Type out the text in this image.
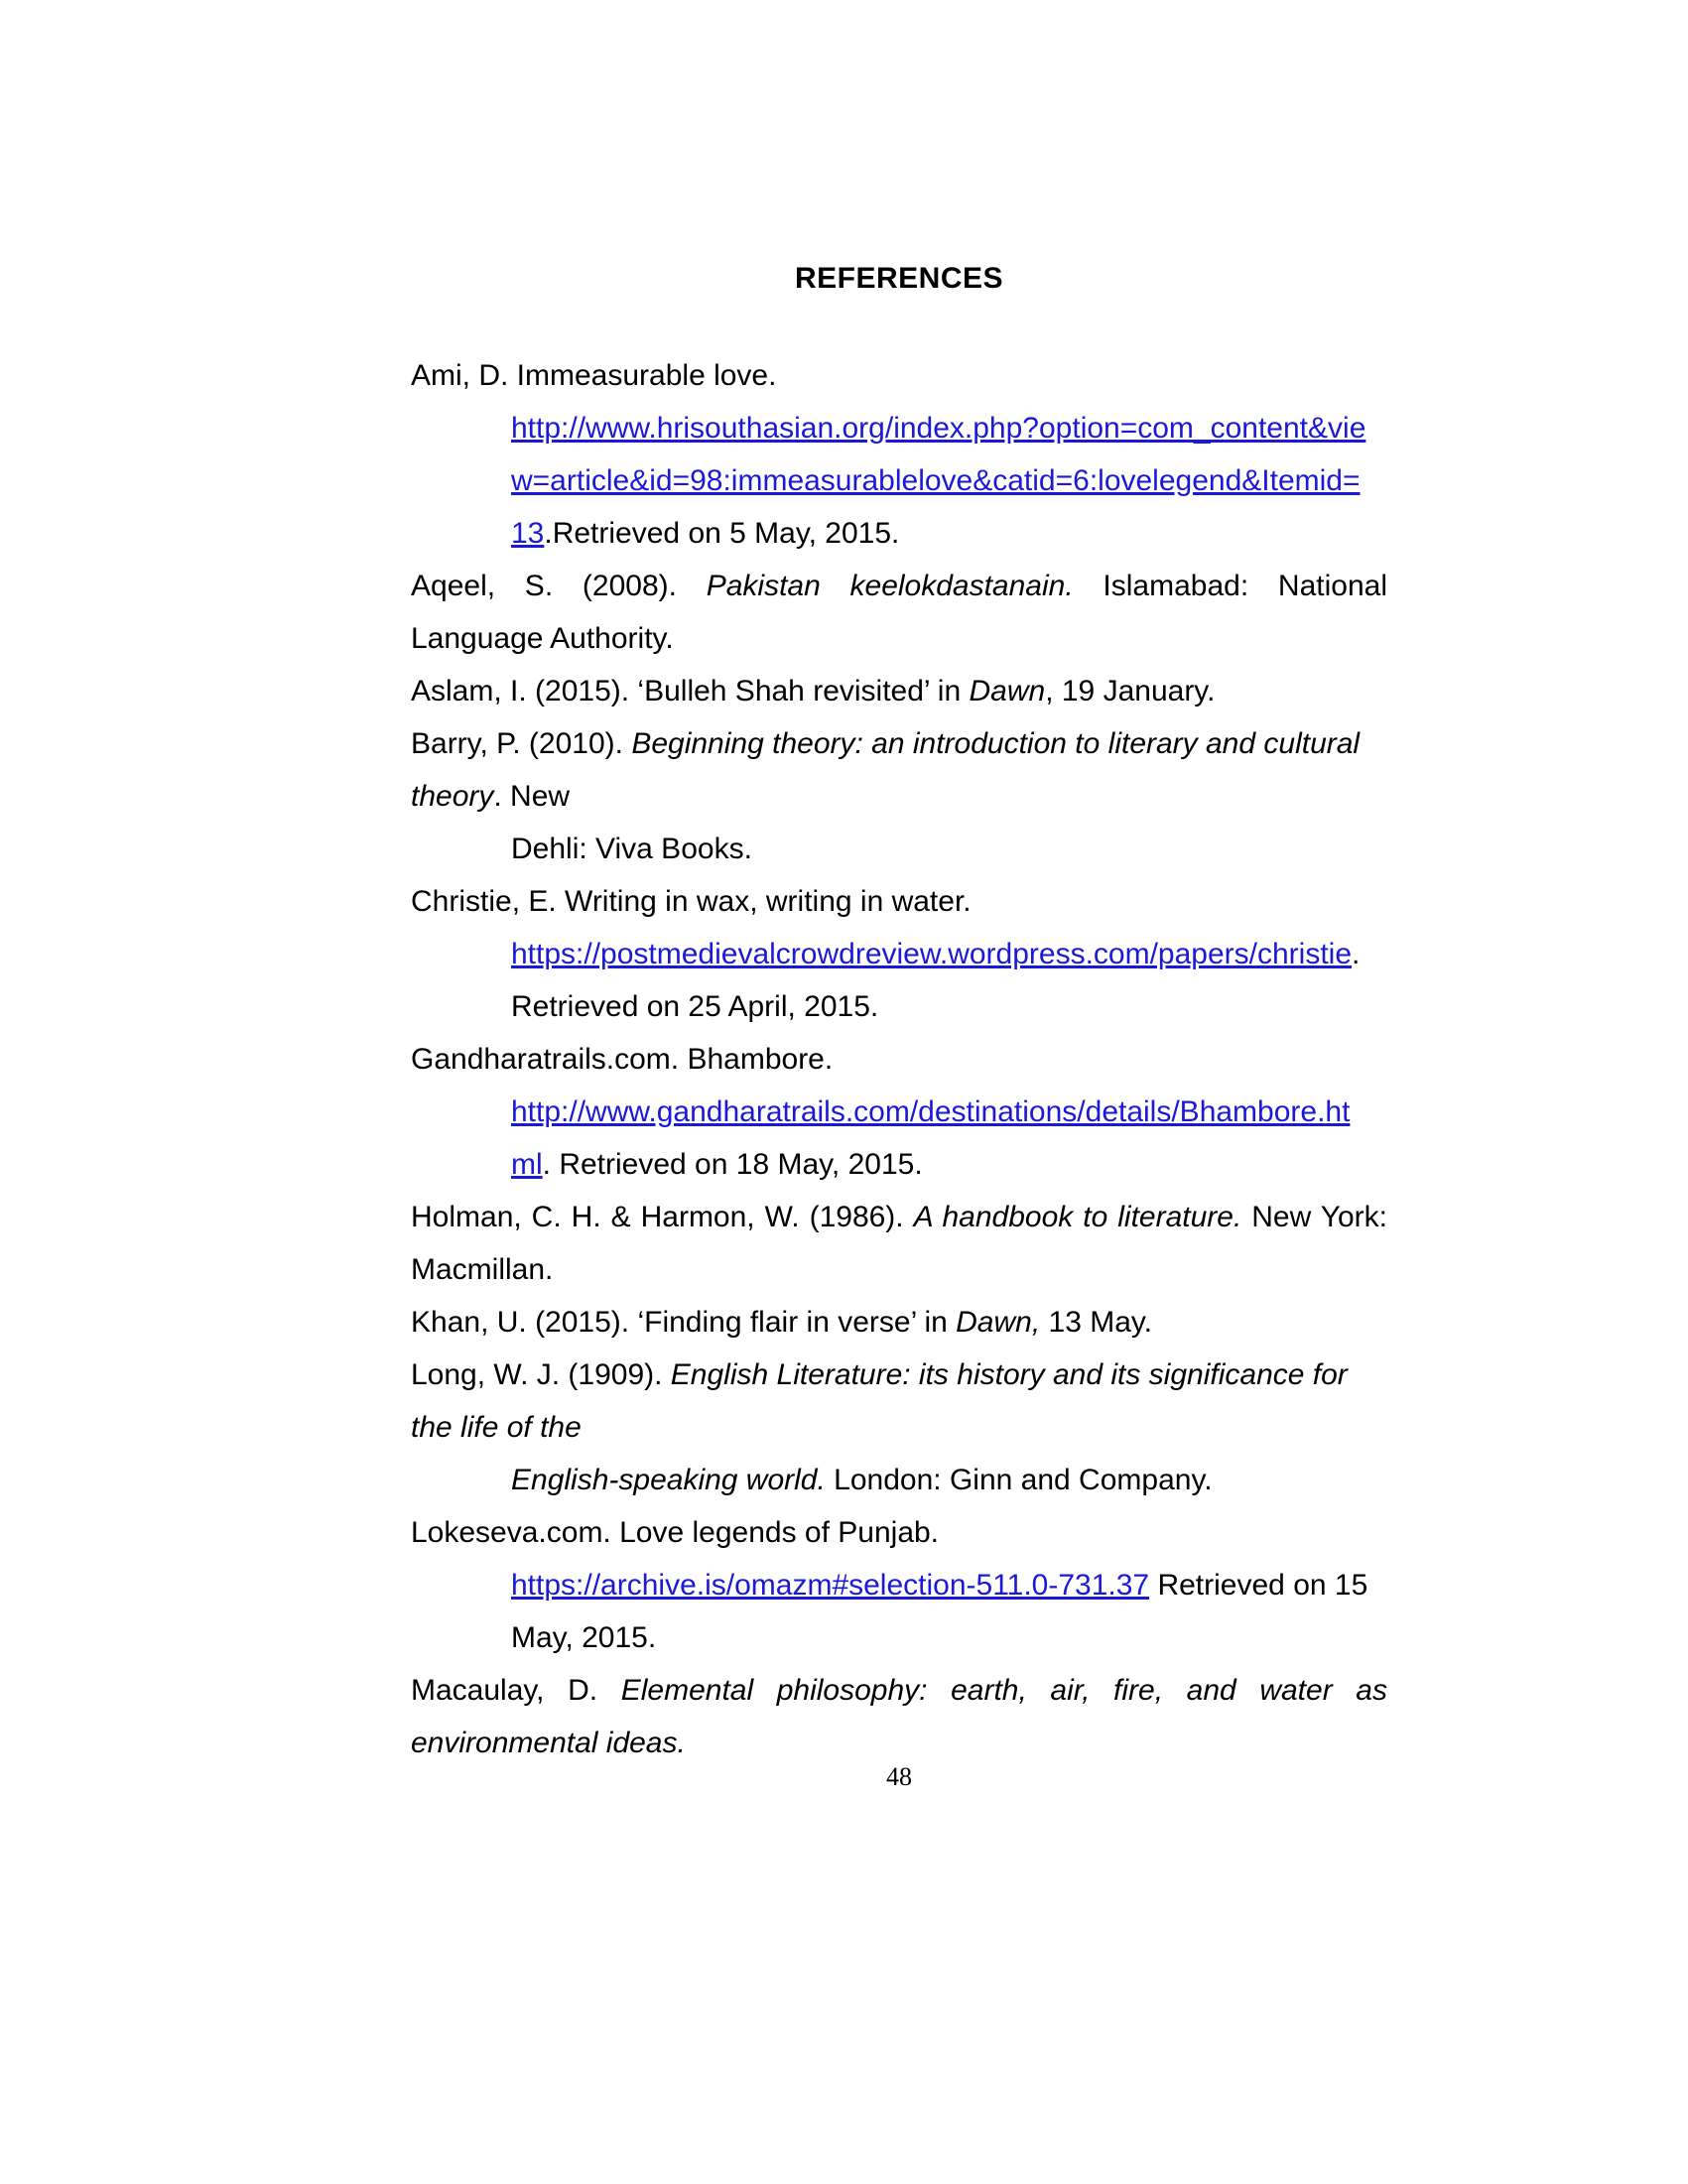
REFERENCES

Ami, D. Immeasurable love.
http://www.hrisouthasian.org/index.php?option=com_content&vie
w=article&id=98:immeasurablelove&catid=6:lovelegend&Itemid=
13.Retrieved on 5 May, 2015.

Aqeel, S. (2008). Pakistan keelokdastanain. Islamabad: National Language Authority.

Aslam, I. (2015). ‘Bulleh Shah revisited’ in Dawn, 19 January.

Barry, P. (2010). Beginning theory: an introduction to literary and cultural theory. New
Dehli: Viva Books.

Christie, E. Writing in wax, writing in water.
https://postmedievalcrowdreview.wordpress.com/papers/christie.
Retrieved on 25 April, 2015.

Gandharatrails.com. Bhambore.
http://www.gandharatrails.com/destinations/details/Bhambore.ht
ml. Retrieved on 18 May, 2015.

Holman, C. H. & Harmon, W. (1986). A handbook to literature. New York: Macmillan.

Khan, U. (2015). ‘Finding flair in verse’ in Dawn, 13 May.

Long, W. J. (1909). English Literature: its history and its significance for the life of the
English-speaking world. London: Ginn and Company.

Lokeseva.com. Love legends of Punjab.
https://archive.is/omazm#selection-511.0-731.37 Retrieved on 15
May, 2015.

Macaulay, D. Elemental philosophy: earth, air, fire, and water as environmental ideas.

48
